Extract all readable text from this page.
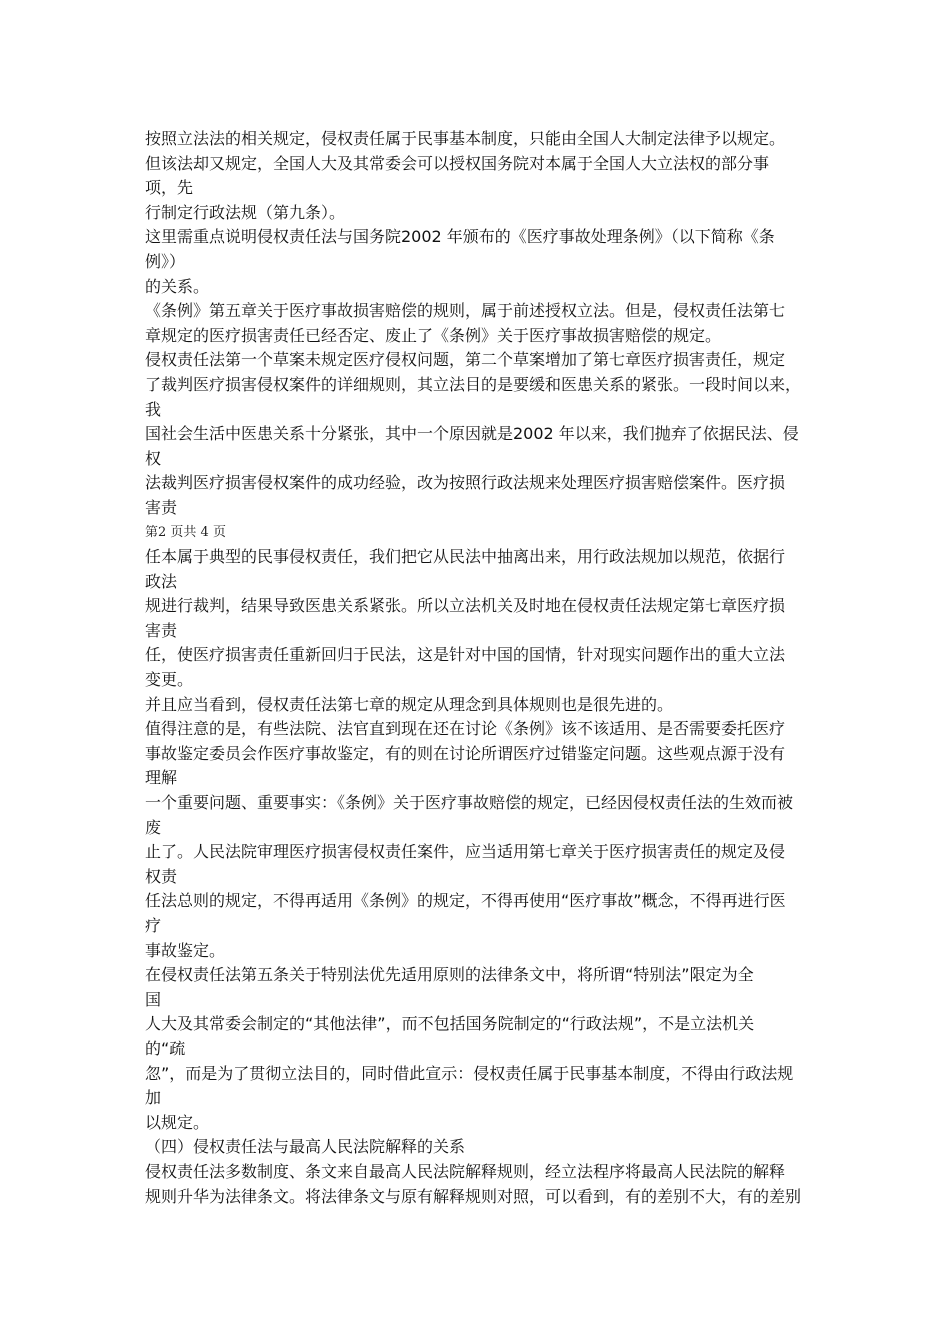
按照立法法的相关规定，侵权责任属于民事基本制度，只能由全国人大制定法律予以规定。
但该法却又规定，全国人大及其常委会可以授权国务院对本属于全国人大立法权的部分事
项，先
行制定行政法规（第九条）。
这里需重点说明侵权责任法与国务院2002 年颁布的《医疗事故处理条例》（以下简称《条
例》）
的关系。
《条例》第五章关于医疗事故损害赔偿的规则，属于前述授权立法。但是，侵权责任法第七
章规定的医疗损害责任已经否定、废止了《条例》关于医疗事故损害赔偿的规定。
侵权责任法第一个草案未规定医疗侵权问题，第二个草案增加了第七章医疗损害责任，规定
了裁判医疗损害侵权案件的详细规则，其立法目的是要缓和医患关系的紧张。一段时间以来，
我
国社会生活中医患关系十分紧张，其中一个原因就是2002 年以来，我们抛弃了依据民法、侵
权
法裁判医疗损害侵权案件的成功经验，改为按照行政法规来处理医疗损害赔偿案件。医疗损
害责
第2 页共 4 页
任本属于典型的民事侵权责任，我们把它从民法中抽离出来，用行政法规加以规范，依据行
政法
规进行裁判，结果导致医患关系紧张。所以立法机关及时地在侵权责任法规定第七章医疗损
害责
任，使医疗损害责任重新回归于民法，这是针对中国的国情，针对现实问题作出的重大立法
变更。
并且应当看到，侵权责任法第七章的规定从理念到具体规则也是很先进的。
值得注意的是，有些法院、法官直到现在还在讨论《条例》该不该适用、是否需要委托医疗
事故鉴定委员会作医疗事故鉴定，有的则在讨论所谓医疗过错鉴定问题。这些观点源于没有
理解
一个重要问题、重要事实：《条例》关于医疗事故赔偿的规定，已经因侵权责任法的生效而被
废
止了。人民法院审理医疗损害侵权责任案件，应当适用第七章关于医疗损害责任的规定及侵
权责
任法总则的规定，不得再适用《条例》的规定，不得再使用“医疗事故”概念，不得再进行医
疗
事故鉴定。
在侵权责任法第五条关于特别法优先适用原则的法律条文中，将所谓“特别法”限定为全
国
人大及其常委会制定的“其他法律”，而不包括国务院制定的“行政法规”，不是立法机关
的“疏
忽”，而是为了贯彻立法目的，同时借此宣示：侵权责任属于民事基本制度，不得由行政法规
加
以规定。
（四）侵权责任法与最高人民法院解释的关系
侵权责任法多数制度、条文来自最高人民法院解释规则，经立法程序将最高人民法院的解释
规则升华为法律条文。将法律条文与原有解释规则对照，可以看到，有的差别不大，有的差别
